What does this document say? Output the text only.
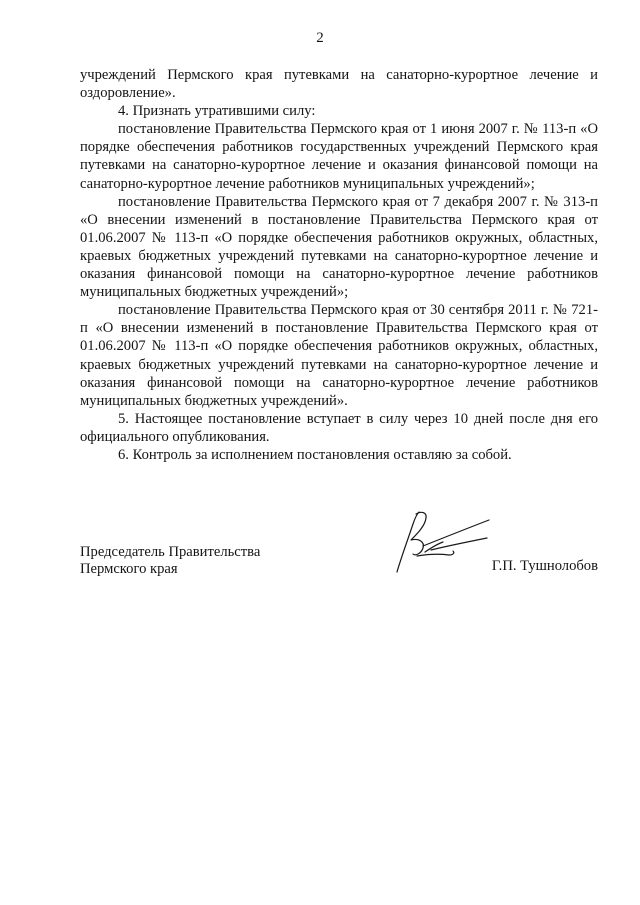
2

учреждений Пермского края путевками на санаторно-курортное лечение и оздоровление».

4. Признать утратившими силу:

постановление Правительства Пермского края от 1 июня 2007 г. № 113-п «О порядке обеспечения работников государственных учреждений Пермского края путевками на санаторно-курортное лечение и оказания финансовой помощи на санаторно-курортное лечение работников муниципальных учреждений»;

постановление Правительства Пермского края от 7 декабря 2007 г. № 313-п «О внесении изменений в постановление Правительства Пермского края от 01.06.2007 № 113-п «О порядке обеспечения работников окружных, областных, краевых бюджетных учреждений путевками на санаторно-курортное лечение и оказания финансовой помощи на санаторно-курортное лечение работников муниципальных бюджетных учреждений»;

постановление Правительства Пермского края от 30 сентября 2011 г. № 721-п «О внесении изменений в постановление Правительства Пермского края от 01.06.2007 № 113-п «О порядке обеспечения работников окружных, областных, краевых бюджетных учреждений путевками на санаторно-курортное лечение и оказания финансовой помощи на санаторно-курортное лечение работников муниципальных бюджетных учреждений».

5. Настоящее постановление вступает в силу через 10 дней после дня его официального опубликования.

6. Контроль за исполнением постановления оставляю за собой.

Председатель Правительства
Пермского края	Г.П. Тушнолобов
